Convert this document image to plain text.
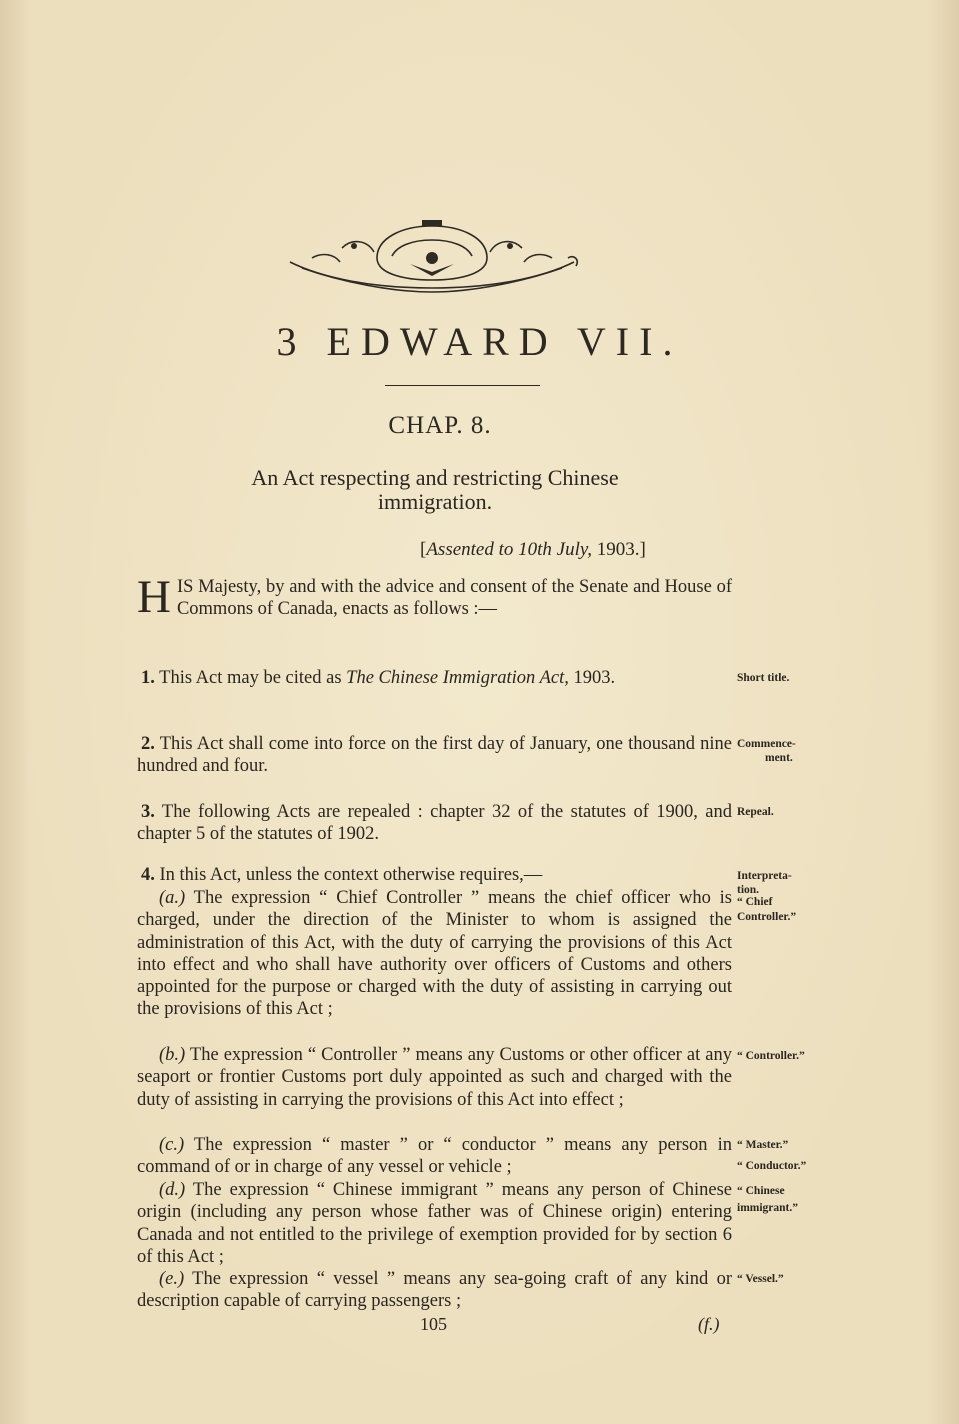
3 EDWARD VII.
CHAP. 8.
An Act respecting and restricting Chinese
immigration.
[Assented to 10th July, 1903.]
HIS Majesty, by and with the advice and consent of the Senate and House of Commons of Canada, enacts as follows :—
1. This Act may be cited as The Chinese Immigration Act, 1903.
2. This Act shall come into force on the first day of January, one thousand nine hundred and four.
3. The following Acts are repealed : chapter 32 of the statutes of 1900, and chapter 5 of the statutes of 1902.
4. In this Act, unless the context otherwise requires,—
(a.) The expression “ Chief Controller ” means the chief officer who is charged, under the direction of the Minister to whom is assigned the administration of this Act, with the duty of carrying the provisions of this Act into effect and who shall have authority over officers of Customs and others appointed for the purpose or charged with the duty of assisting in carrying out the provisions of this Act ;
(b.) The expression “ Controller ” means any Customs or other officer at any seaport or frontier Customs port duly appointed as such and charged with the duty of assisting in carrying the provisions of this Act into effect ;
(c.) The expression “ master ” or “ conductor ” means any person in command of or in charge of any vessel or vehicle ;
(d.) The expression “ Chinese immigrant ” means any person of Chinese origin (including any person whose father was of Chinese origin) entering Canada and not entitled to the privilege of exemption provided for by section 6 of this Act ;
(e.) The expression “ vessel ” means any sea-going craft of any kind or description capable of carrying passengers ;
Short title.
Commence-
ment.
Repeal.
Interpreta-
tion.
“ Chief
Controller.”
“ Controller.”
“ Master.”
“ Conductor.”
“ Chinese
immigrant.”
“ Vessel.”
105	(f.)
